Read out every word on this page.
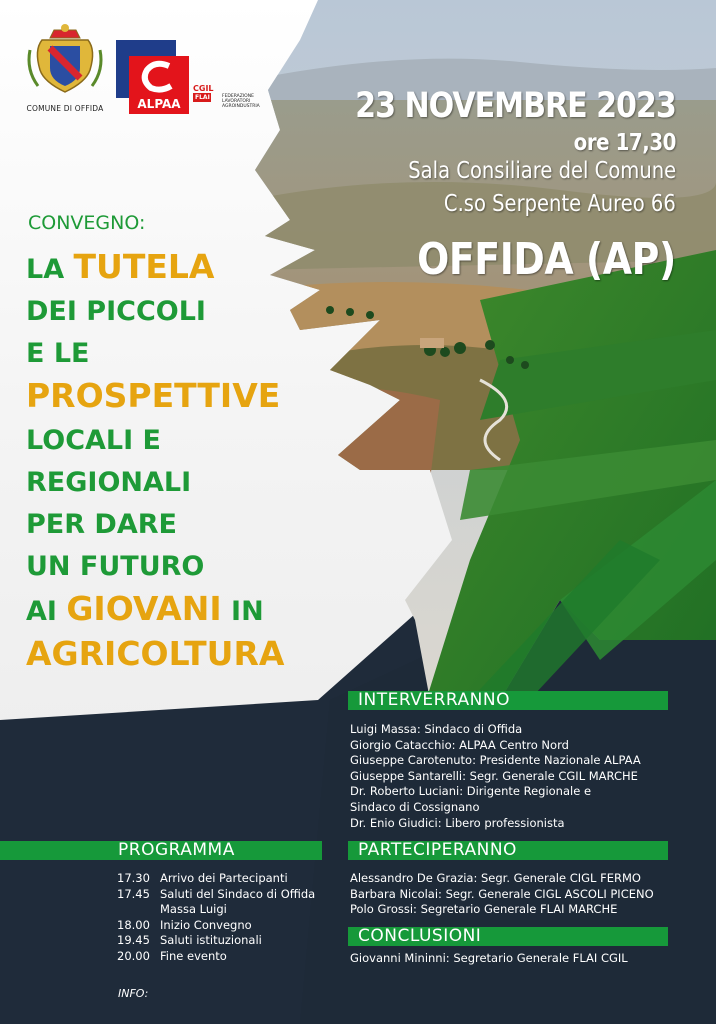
COMUNE DI OFFIDA	ALPAA
CGIL
FLAI	FEDERAZIONE LAVORATORI AGROINDUSTRIA	23 NOVEMBRE 2023
ore 17,30
Sala Consiliare del Comune
C.so Serpente Aureo 66
OFFIDA (AP)
CONVEGNO:
LA TUTELA
DEI PICCOLI
E LE
PROSPETTIVE
LOCALI E
REGIONALI
PER DARE
UN FUTURO
AI GIOVANI IN
AGRICOLTURA
INTERVERRANNO
Luigi Massa: Sindaco di Offida
Giorgio Catacchio: ALPAA Centro Nord
Giuseppe Carotenuto: Presidente Nazionale ALPAA
Giuseppe Santarelli: Segr. Generale CGIL MARCHE
Dr. Roberto Luciani: Dirigente Regionale e
Sindaco di Cossignano
Dr. Enio Giudici: Libero professionista
PARTECIPERANNO
Alessandro De Grazia: Segr. Generale CIGL FERMO
Barbara Nicolai: Segr. Generale CIGL ASCOLI PICENO
Polo Grossi: Segretario Generale FLAI MARCHE
CONCLUSIONI
Giovanni Mininni: Segretario Generale FLAI CGIL
PROGRAMMA
17.30 Arrivo dei Partecipanti
17.45 Saluti del Sindaco di Offida
Massa Luigi
18.00 Inizio Convegno
19.45 Saluti istituzionali
20.00 Fine evento
INFO:
